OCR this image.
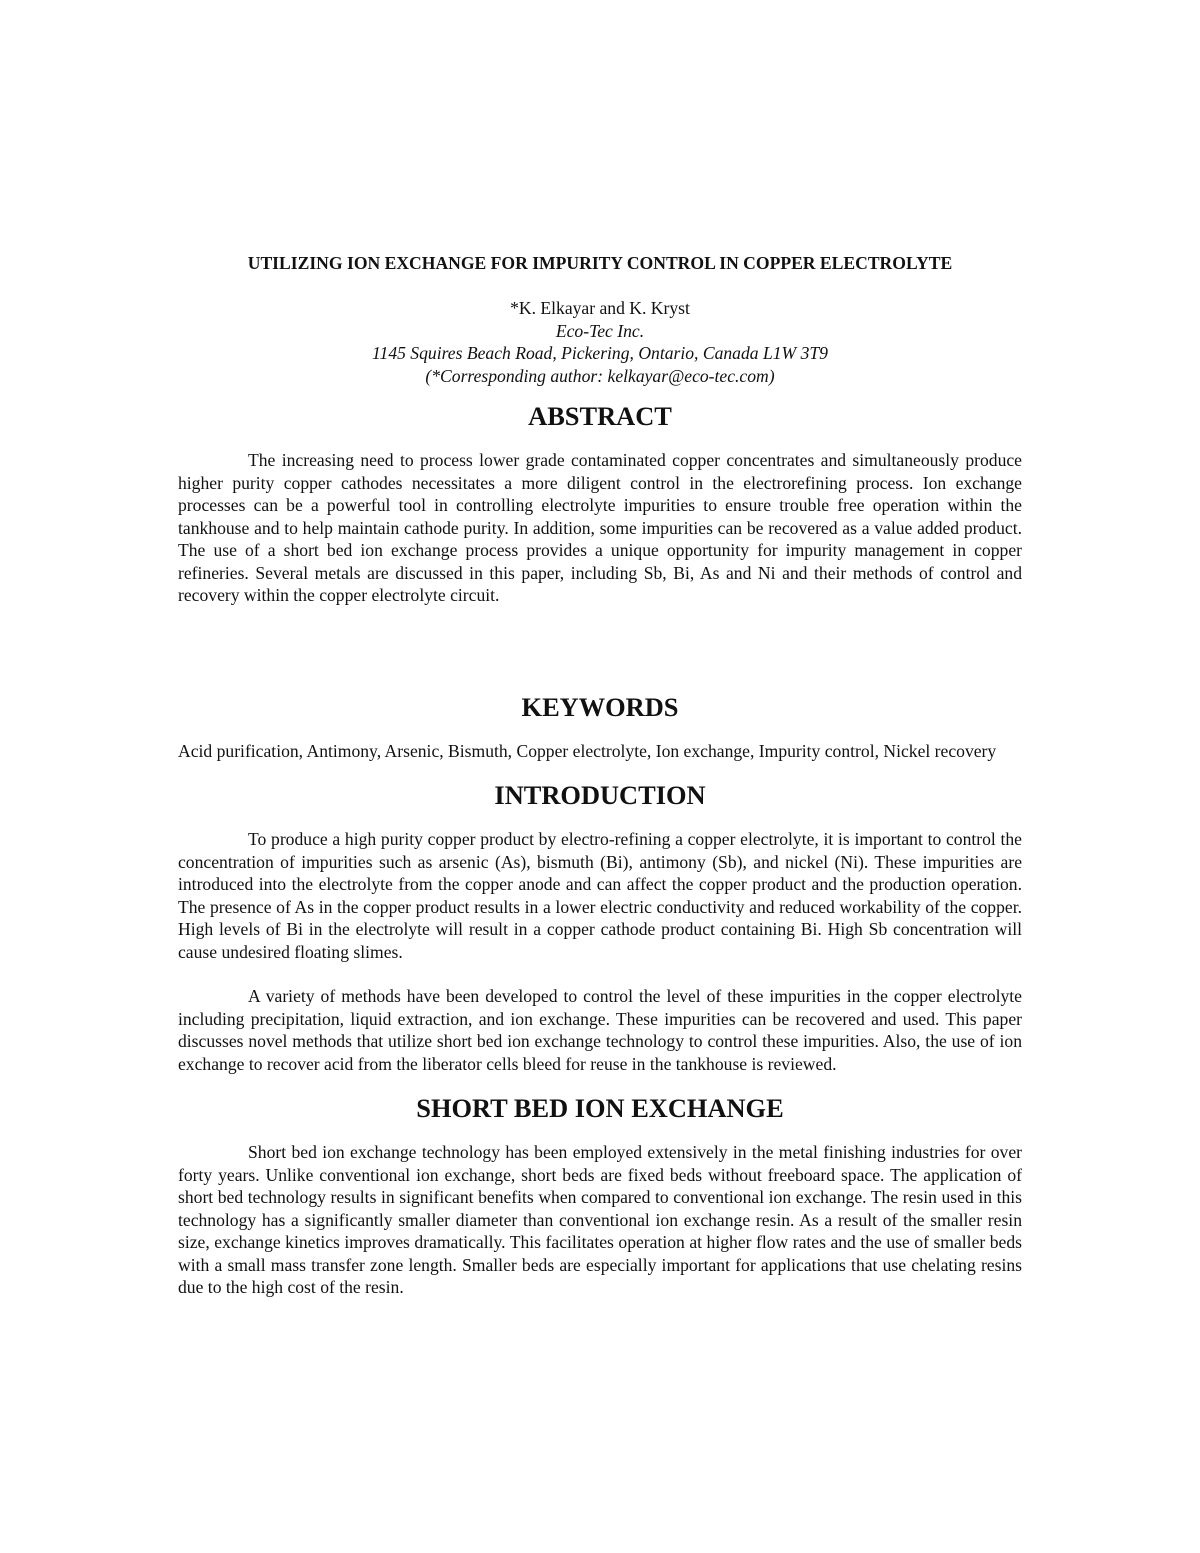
UTILIZING ION EXCHANGE FOR IMPURITY CONTROL IN COPPER ELECTROLYTE
*K. Elkayar and K. Kryst
Eco-Tec Inc.
1145 Squires Beach Road, Pickering, Ontario, Canada L1W 3T9
(*Corresponding author: kelkayar@eco-tec.com)
ABSTRACT

The increasing need to process lower grade contaminated copper concentrates and simultaneously produce higher purity copper cathodes necessitates a more diligent control in the electrorefining process. Ion exchange processes can be a powerful tool in controlling electrolyte impurities to ensure trouble free operation within the tankhouse and to help maintain cathode purity. In addition, some impurities can be recovered as a value added product. The use of a short bed ion exchange process provides a unique opportunity for impurity management in copper refineries. Several metals are discussed in this paper, including Sb, Bi, As and Ni and their methods of control and recovery within the copper electrolyte circuit.

KEYWORDS

Acid purification, Antimony, Arsenic, Bismuth, Copper electrolyte, Ion exchange, Impurity control, Nickel recovery

INTRODUCTION

To produce a high purity copper product by electro-refining a copper electrolyte, it is important to control the concentration of impurities such as arsenic (As), bismuth (Bi), antimony (Sb), and nickel (Ni). These impurities are introduced into the electrolyte from the copper anode and can affect the copper product and the production operation. The presence of As in the copper product results in a lower electric conductivity and reduced workability of the copper. High levels of Bi in the electrolyte will result in a copper cathode product containing Bi. High Sb concentration will cause undesired floating slimes.

A variety of methods have been developed to control the level of these impurities in the copper electrolyte including precipitation, liquid extraction, and ion exchange. These impurities can be recovered and used. This paper discusses novel methods that utilize short bed ion exchange technology to control these impurities. Also, the use of ion exchange to recover acid from the liberator cells bleed for reuse in the tankhouse is reviewed.

SHORT BED ION EXCHANGE

Short bed ion exchange technology has been employed extensively in the metal finishing industries for over forty years. Unlike conventional ion exchange, short beds are fixed beds without freeboard space. The application of short bed technology results in significant benefits when compared to conventional ion exchange. The resin used in this technology has a significantly smaller diameter than conventional ion exchange resin. As a result of the smaller resin size, exchange kinetics improves dramatically. This facilitates operation at higher flow rates and the use of smaller beds with a small mass transfer zone length. Smaller beds are especially important for applications that use chelating resins due to the high cost of the resin.
